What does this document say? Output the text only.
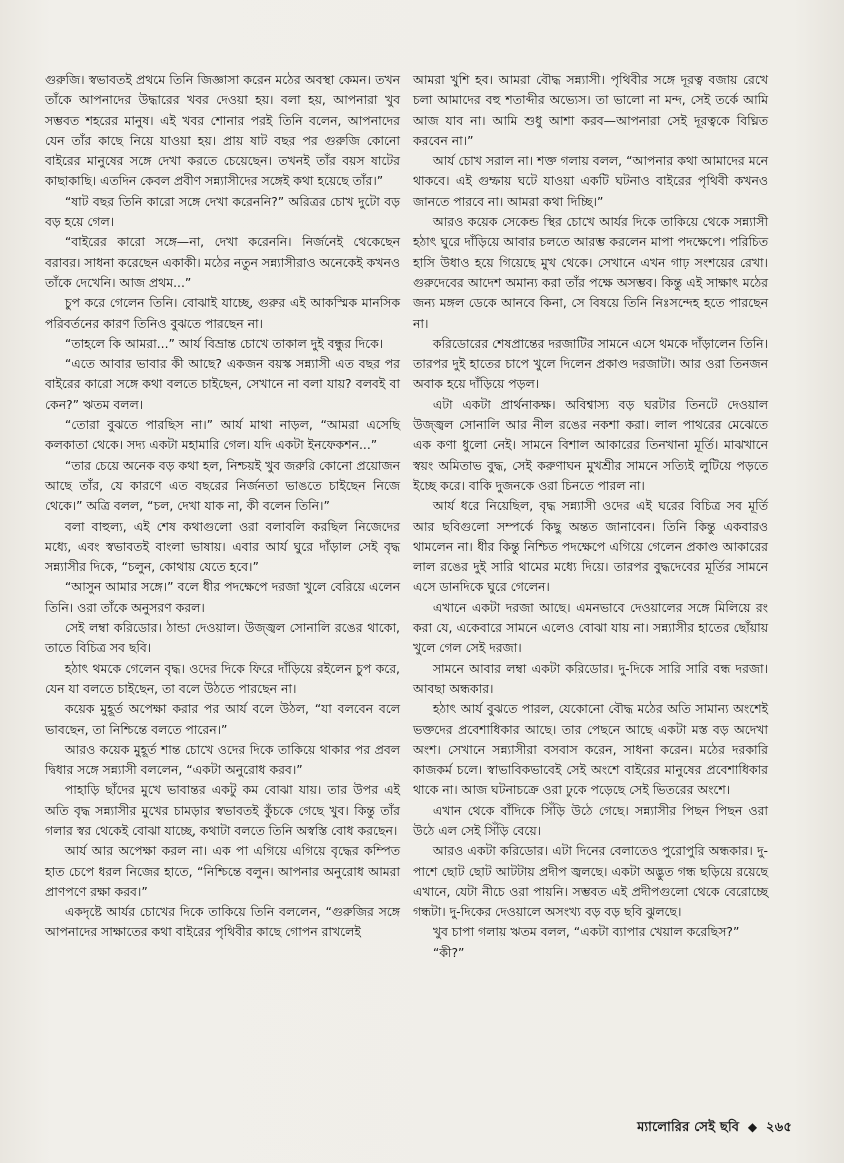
গুরুজি। স্বভাবতই প্রথমে তিনি জিজ্ঞাসা করেন মঠের অবস্থা কেমন। তখন তাঁকে আপনাদের উদ্ধারের খবর দেওয়া হয়। বলা হয়, আপনারা খুব সম্ভবত শহরের মানুষ। এই খবর শোনার পরই তিনি বলেন, আপনাদের যেন তাঁর কাছে নিয়ে যাওয়া হয়। প্রায় ষাট বছর পর গুরুজি কোনো বাইরের মানুষের সঙ্গে দেখা করতে চেয়েছেন। তখনই তাঁর বয়স ষাটের কাছাকাছি। এতদিন কেবল প্রবীণ সন্ন্যাসীদের সঙ্গেই কথা হয়েছে তাঁর।”

“ষাট বছর তিনি কারো সঙ্গে দেখা করেননি?” অরিত্রর চোখ দুটো বড় বড় হয়ে গেল।

“বাইরের কারো সঙ্গে—না, দেখা করেননি। নির্জনেই থেকেছেন বরাবর। সাধনা করেছেন একাকী। মঠের নতুন সন্ন্যাসীরাও অনেকেই কখনও তাঁকে দেখেনি। আজ প্রথম...”

চুপ করে গেলেন তিনি। বোঝাই যাচ্ছে, গুরুর এই আকস্মিক মানসিক পরিবর্তনের কারণ তিনিও বুঝতে পারছেন না।

“তাহলে কি আমরা...” আর্য বিভ্রান্ত চোখে তাকাল দুই বন্ধুর দিকে।

“এতে আবার ভাবার কী আছে? একজন বয়স্ক সন্ন্যাসী এত বছর পর বাইরের কারো সঙ্গে কথা বলতে চাইছেন, সেখানে না বলা যায়? বলবই বা কেন?” ঋতম বলল।

“তোরা বুঝতে পারছিস না।” আর্য মাথা নাড়ল, “আমরা এসেছি কলকাতা থেকে। সদ্য একটা মহামারি গেল। যদি একটা ইনফেকশন...”

“তার চেয়ে অনেক বড় কথা হল, নিশ্চয়ই খুব জরুরি কোনো প্রয়োজন আছে তাঁর, যে কারণে এত বছরের নির্জনতা ভাঙতে চাইছেন নিজে থেকে।” অত্রি বলল, “চল, দেখা যাক না, কী বলেন তিনি।”

বলা বাহুল্য, এই শেষ কথাগুলো ওরা বলাবলি করছিল নিজেদের মধ্যে, এবং স্বভাবতই বাংলা ভাষায়। এবার আর্য ঘুরে দাঁড়াল সেই বৃদ্ধ সন্ন্যাসীর দিকে, “চলুন, কোথায় যেতে হবে।”

“আসুন আমার সঙ্গে।” বলে ধীর পদক্ষেপে দরজা খুলে বেরিয়ে এলেন তিনি। ওরা তাঁকে অনুসরণ করল।

সেই লম্বা করিডোর। ঠান্ডা দেওয়াল। উজ্জ্বল সোনালি রঙের থাকো, তাতে বিচিত্র সব ছবি।

হঠাৎ থমকে গেলেন বৃদ্ধ। ওদের দিকে ফিরে দাঁড়িয়ে রইলেন চুপ করে, যেন যা বলতে চাইছেন, তা বলে উঠতে পারছেন না।

কয়েক মুহূর্ত অপেক্ষা করার পর আর্য বলে উঠল, “যা বলবেন বলে ভাবছেন, তা নিশ্চিন্তে বলতে পারেন।”

আরও কয়েক মুহূর্ত শান্ত চোখে ওদের দিকে তাকিয়ে থাকার পর প্রবল দ্বিধার সঙ্গে সন্ন্যাসী বললেন, “একটা অনুরোধ করব।”

পাহাড়ি ছাঁদের মুখে ভাবান্তর একটু কম বোঝা যায়। তার উপর এই অতি বৃদ্ধ সন্ন্যাসীর মুখের চামড়ার স্বভাবতই কুঁচকে গেছে খুব। কিন্তু তাঁর গলার স্বর থেকেই বোঝা যাচ্ছে, কথাটা বলতে তিনি অস্বস্তি বোধ করছেন।

আর্য আর অপেক্ষা করল না। এক পা এগিয়ে এগিয়ে বৃদ্ধের কম্পিত হাত চেপে ধরল নিজের হাতে, “নিশ্চিন্তে বলুন। আপনার অনুরোধ আমরা প্রাণপণে রক্ষা করব।”

একদৃষ্টে আর্যর চোখের দিকে তাকিয়ে তিনি বললেন, “গুরুজির সঙ্গে আপনাদের সাক্ষাতের কথা বাইরের পৃথিবীর কাছে গোপন রাখলেই

আমরা খুশি হব। আমরা বৌদ্ধ সন্ন্যাসী। পৃথিবীর সঙ্গে দূরত্ব বজায় রেখে চলা আমাদের বহু শতাব্দীর অভ্যেস। তা ভালো না মন্দ, সেই তর্কে আমি আজ যাব না। আমি শুধু আশা করব—আপনারা সেই দূরত্বকে বিঘ্নিত করবেন না।”

আর্য চোখ সরাল না। শক্ত গলায় বলল, “আপনার কথা আমাদের মনে থাকবে। এই গুম্ফায় ঘটে যাওয়া একটি ঘটনাও বাইরের পৃথিবী কখনও জানতে পারবে না। আমরা কথা দিচ্ছি।”

আরও কয়েক সেকেন্ড স্থির চোখে আর্যর দিকে তাকিয়ে থেকে সন্ন্যাসী হঠাৎ ঘুরে দাঁড়িয়ে আবার চলতে আরম্ভ করলেন মাপা পদক্ষেপে। পরিচিত হাসি উধাও হয়ে গিয়েছে মুখ থেকে। সেখানে এখন গাঢ় সংশয়ের রেখা। গুরুদেবের আদেশ অমান্য করা তাঁর পক্ষে অসম্ভব। কিন্তু এই সাক্ষাৎ মঠের জন্য মঙ্গল ডেকে আনবে কিনা, সে বিষয়ে তিনি নিঃসন্দেহ হতে পারছেন না।

করিডোরের শেষপ্রান্তের দরজাটির সামনে এসে থমকে দাঁড়ালেন তিনি। তারপর দুই হাতের চাপে খুলে দিলেন প্রকাণ্ড দরজাটা। আর ওরা তিনজন অবাক হয়ে দাঁড়িয়ে পড়ল।

এটা একটা প্রার্থনাকক্ষ। অবিশ্বাস্য বড় ঘরটার তিনটে দেওয়াল উজ্জ্বল সোনালি আর নীল রঙের নকশা করা। লাল পাথরের মেঝেতে এক কণা ধুলো নেই। সামনে বিশাল আকারের তিনখানা মূর্তি। মাঝখানে স্বয়ং অমিতাভ বুদ্ধ, সেই করুণাঘন মুখশ্রীর সামনে সত্যিই লুটিয়ে পড়তে ইচ্ছে করে। বাকি দুজনকে ওরা চিনতে পারল না।

আর্য ধরে নিয়েছিল, বৃদ্ধ সন্ন্যাসী ওদের এই ঘরের বিচিত্র সব মূর্তি আর ছবিগুলো সম্পর্কে কিছু অন্তত জানাবেন। তিনি কিন্তু একবারও থামলেন না। ধীর কিন্তু নিশ্চিত পদক্ষেপে এগিয়ে গেলেন প্রকাণ্ড আকারের লাল রঙের দুই সারি থামের মধ্যে দিয়ে। তারপর বুদ্ধদেবের মূর্তির সামনে এসে ডানদিকে ঘুরে গেলেন।

এখানে একটা দরজা আছে। এমনভাবে দেওয়ালের সঙ্গে মিলিয়ে রং করা যে, একেবারে সামনে এলেও বোঝা যায় না। সন্ন্যাসীর হাতের ছোঁয়ায় খুলে গেল সেই দরজা।

সামনে আবার লম্বা একটা করিডোর। দু-দিকে সারি সারি বন্ধ দরজা। আবছা অন্ধকার।

হঠাৎ আর্য বুঝতে পারল, যেকোনো বৌদ্ধ মঠের অতি সামান্য অংশেই ভক্তদের প্রবেশাধিকার আছে। তার পেছনে আছে একটা মস্ত বড় অদেখা অংশ। সেখানে সন্ন্যাসীরা বসবাস করেন, সাধনা করেন। মঠের দরকারি কাজকর্ম চলে। স্বাভাবিকভাবেই সেই অংশে বাইরের মানুষের প্রবেশাধিকার থাকে না। আজ ঘটনাচক্রে ওরা ঢুকে পড়েছে সেই ভিতরের অংশে।

এখান থেকে বাঁদিকে সিঁড়ি উঠে গেছে। সন্ন্যাসীর পিছন পিছন ওরা উঠে এল সেই সিঁড়ি বেয়ে।

আরও একটা করিডোর। এটা দিনের বেলাতেও পুরোপুরি অন্ধকার। দু-পাশে ছোট ছোট আটটায় প্রদীপ জ্বলছে। একটা অদ্ভুত গন্ধ ছড়িয়ে রয়েছে এখানে, যেটা নীচে ওরা পায়নি। সম্ভবত এই প্রদীপগুলো থেকে বেরোচ্ছে গন্ধটা। দু-দিকের দেওয়ালে অসংখ্য বড় বড় ছবি ঝুলছে।

খুব চাপা গলায় ঋতম বলল, “একটা ব্যাপার খেয়াল করেছিস?”

“কী?”

ম্যালোরির সেই ছবি ◆ ২৬৫
